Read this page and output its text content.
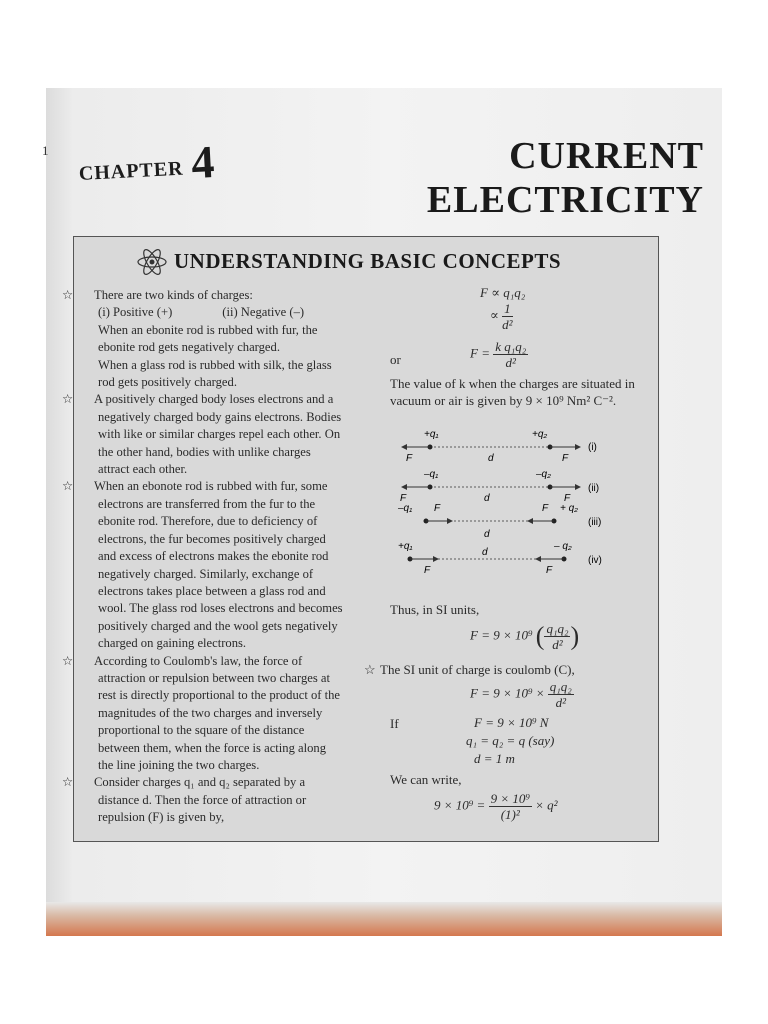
1
CHAPTER 4	CURRENT
ELECTRICITY
UNDERSTANDING BASIC CONCEPTS

☆ There are two kinds of charges:

(i) Positive (+)	(ii) Negative (–)

When an ebonite rod is rubbed with fur, the ebonite rod gets negatively charged.

When a glass rod is rubbed with silk, the glass rod gets positively charged.

☆ A positively charged body loses electrons and a negatively charged body gains electrons. Bodies with like or similar charges repel each other. On the other hand, bodies with unlike charges attract each other.

☆ When an ebonote rod is rubbed with fur, some electrons are transferred from the fur to the ebonite rod. Therefore, due to deficiency of electrons, the fur becomes positively charged and excess of electrons makes the ebonite rod negatively charged. Similarly, exchange of electrons takes place between a glass rod and wool. The glass rod loses electrons and becomes positively charged and the wool gets negatively charged on gaining electrons.

☆ According to Coulomb's law, the force of attraction or repulsion between two charges at rest is directly proportional to the product of the magnitudes of the two charges and inversely proportional to the square of the distance between them, when the force is acting along the line joining the two charges.

☆ Consider charges q₁ and q₂ separated by a distance d. Then the force of attraction or repulsion (F) is given by,

F ∝ q₁q₂
∝ $\frac{1}{\text{d²}}$
or	$F = \frac{\text{k q₁q₂}}{\text{d²}}$
The value of k when the charges are situated in vacuum or air is given by 9 × 10⁹ Nm² C⁻².
+q₁	+q₂
F	F
d
(i)
–q₁	–q₂
F	F
d
(ii)
–q₁	+ q₂
F	F
d
(iii)
+q₁	– q₂
F	F
d
(iv)
Thus, in SI units,
F = 9 × 10⁹ ( $\frac{\text{q₁q₂}}{\text{d²}}$ )
☆ The SI unit of charge is coulomb (C),
$F = 9 \times 10^9 \times \frac{\text{q₁q₂}}{\text{d²}}$
If	F = 9 × 10⁹ N
q₁ = q₂ = q (say)
d = 1 m
We can write,
$9 \times 10^9 = \frac{\text{9 × 10⁹}}{\text{(1)²}} \times q^2$
